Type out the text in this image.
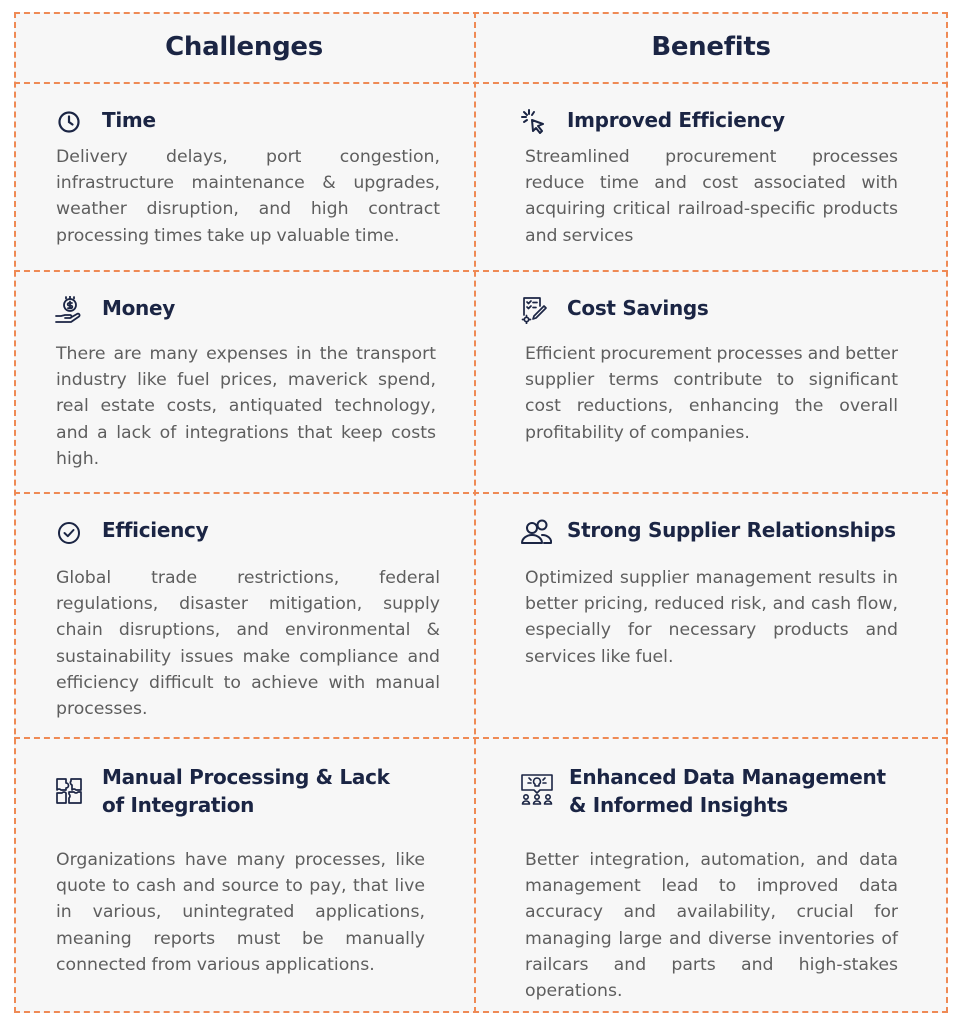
Challenges	Benefits
Time
Delivery delays, port congestion, infrastructure maintenance & upgrades, weather disruption, and high contract processing times take up valuable time.
Improved Efficiency
Streamlined procurement processes reduce time and cost associated with acquiring critical railroad-specific products and services
Money
There are many expenses in the transport industry like fuel prices, maverick spend, real estate costs, antiquated technology, and a lack of integrations that keep costs high.
Cost Savings
Efficient procurement processes and better supplier terms contribute to significant cost reductions, enhancing the overall profitability of companies.
Efficiency
Global trade restrictions, federal regulations, disaster mitigation, supply chain disruptions, and environmental & sustainability issues make compliance and efficiency difficult to achieve with manual processes.
Strong Supplier Relationships
Optimized supplier management results in better pricing, reduced risk, and cash flow, especially for necessary products and services like fuel.
Manual Processing & Lack of Integration
Organizations have many processes, like quote to cash and source to pay, that live in various, unintegrated applications, meaning reports must be manually connected from various applications.
Enhanced Data Management & Informed Insights
Better integration, automation, and data management lead to improved data accuracy and availability, crucial for managing large and diverse inventories of railcars and parts and high-stakes operations.
